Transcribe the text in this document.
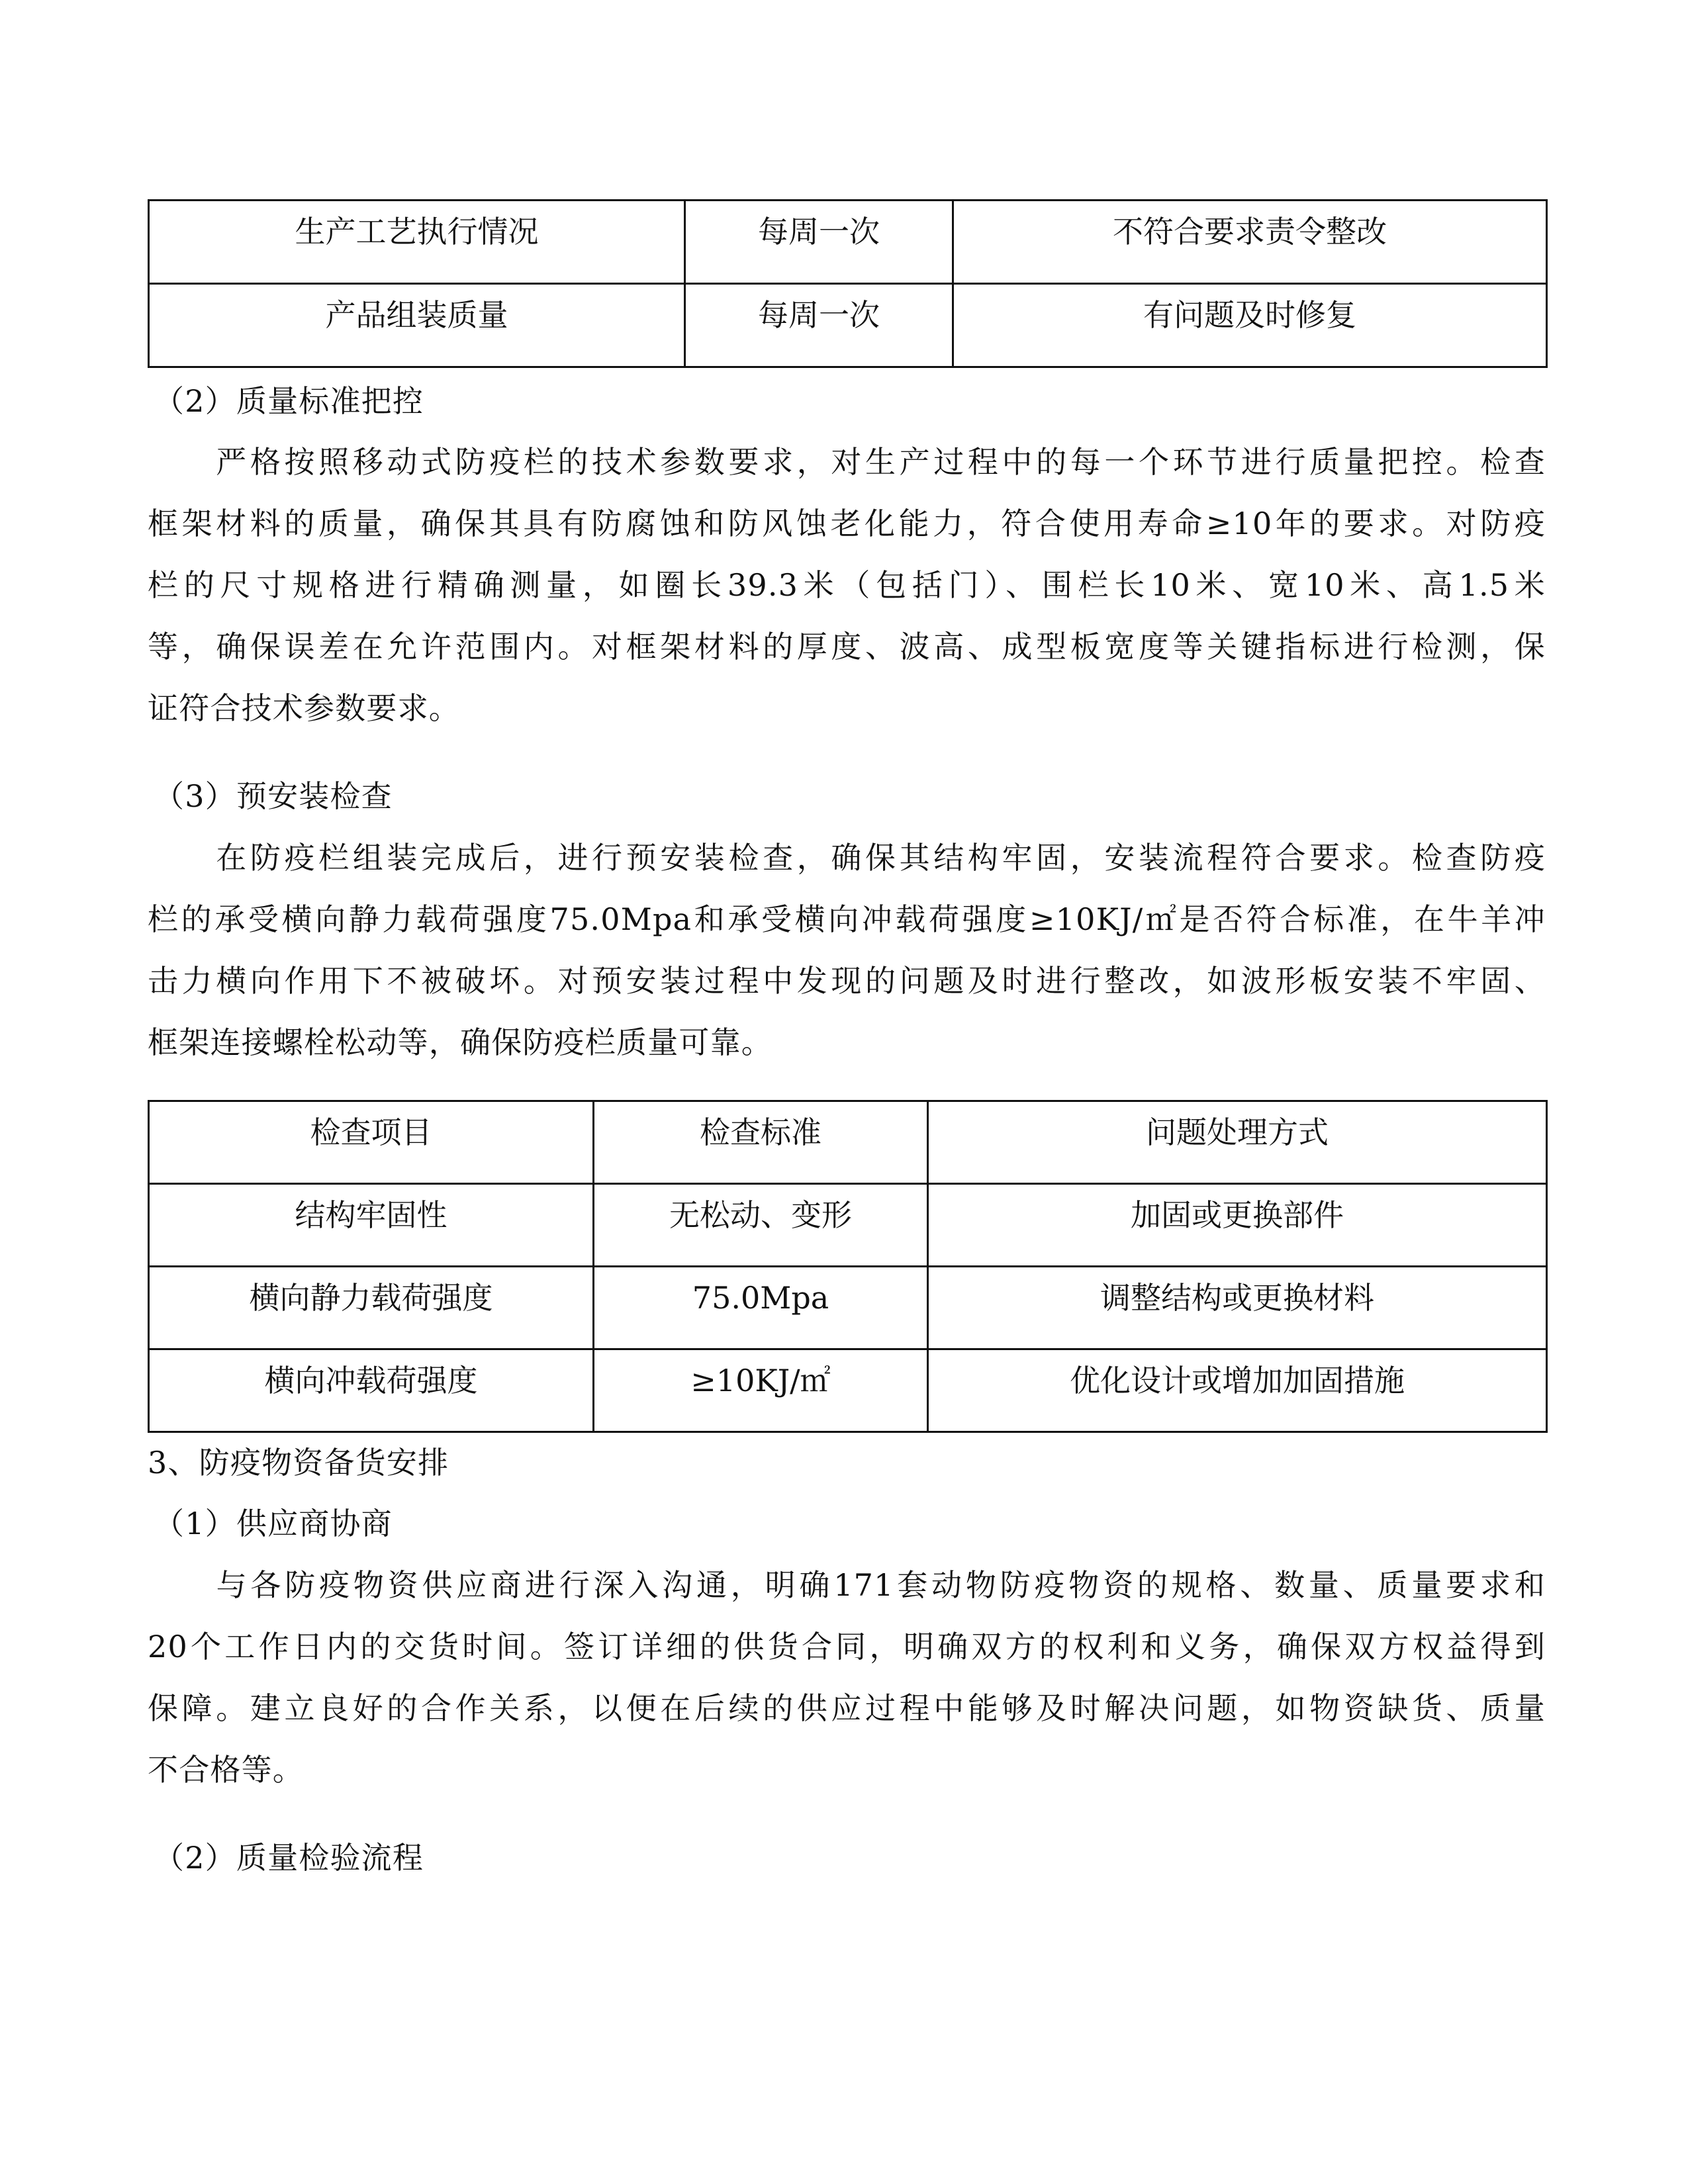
生产工艺执行情况	每周一次	不符合要求责令整改
产品组装质量	每周一次	有问题及时修复
（2）质量标准把控
　　严格按照移动式防疫栏的技术参数要求，对生产过程中的每一个环节进行质量把控。检查
框架材料的质量，确保其具有防腐蚀和防风蚀老化能力，符合使用寿命≥10年的要求。对防疫
栏的尺寸规格进行精确测量，如圈长39.3米（包括门）、围栏长10米、宽10米、高1.5米
等，确保误差在允许范围内。对框架材料的厚度、波高、成型板宽度等关键指标进行检测，保
证符合技术参数要求。
（3）预安装检查
　　在防疫栏组装完成后，进行预安装检查，确保其结构牢固，安装流程符合要求。检查防疫
栏的承受横向静力载荷强度75.0Mpa和承受横向冲载荷强度≥10KJ/㎡是否符合标准，在牛羊冲
击力横向作用下不被破坏。对预安装过程中发现的问题及时进行整改，如波形板安装不牢固、
框架连接螺栓松动等，确保防疫栏质量可靠。
检查项目	检查标准	问题处理方式
结构牢固性	无松动、变形	加固或更换部件
横向静力载荷强度	75.0Mpa	调整结构或更换材料
横向冲载荷强度	≥10KJ/㎡	优化设计或增加加固措施
3、防疫物资备货安排
（1）供应商协商
　　与各防疫物资供应商进行深入沟通，明确171套动物防疫物资的规格、数量、质量要求和
20个工作日内的交货时间。签订详细的供货合同，明确双方的权利和义务，确保双方权益得到
保障。建立良好的合作关系，以便在后续的供应过程中能够及时解决问题，如物资缺货、质量
不合格等。
（2）质量检验流程
